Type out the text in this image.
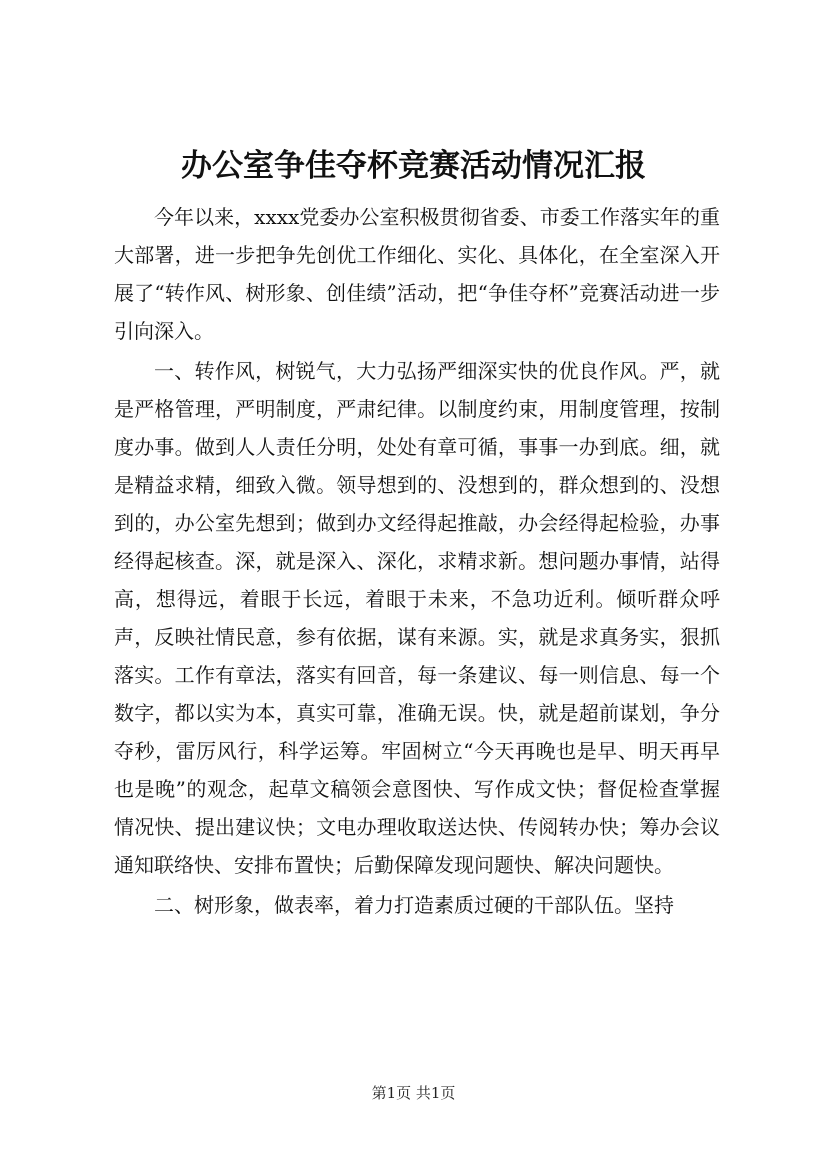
办公室争佳夺杯竞赛活动情况汇报

今年以来，xxxx党委办公室积极贯彻省委、市委工作落实年的重大部署，进一步把争先创优工作细化、实化、具体化，在全室深入开展了“转作风、树形象、创佳绩”活动，把“争佳夺杯”竞赛活动进一步引向深入。

一、转作风，树锐气，大力弘扬严细深实快的优良作风。严，就是严格管理，严明制度，严肃纪律。以制度约束，用制度管理，按制度办事。做到人人责任分明，处处有章可循，事事一办到底。细，就是精益求精，细致入微。领导想到的、没想到的，群众想到的、没想到的，办公室先想到；做到办文经得起推敲，办会经得起检验，办事经得起核查。深，就是深入、深化，求精求新。想问题办事情，站得高，想得远，着眼于长远，着眼于未来，不急功近利。倾听群众呼声，反映社情民意，参有依据，谋有来源。实，就是求真务实，狠抓落实。工作有章法，落实有回音，每一条建议、每一则信息、每一个数字，都以实为本，真实可靠，准确无误。快，就是超前谋划，争分夺秒，雷厉风行，科学运筹。牢固树立“今天再晚也是早、明天再早也是晚”的观念，起草文稿领会意图快、写作成文快；督促检查掌握情况快、提出建议快；文电办理收取送达快、传阅转办快；筹办会议通知联络快、安排布置快；后勤保障发现问题快、解决问题快。

二、树形象，做表率，着力打造素质过硬的干部队伍。坚持

第1页 共1页
